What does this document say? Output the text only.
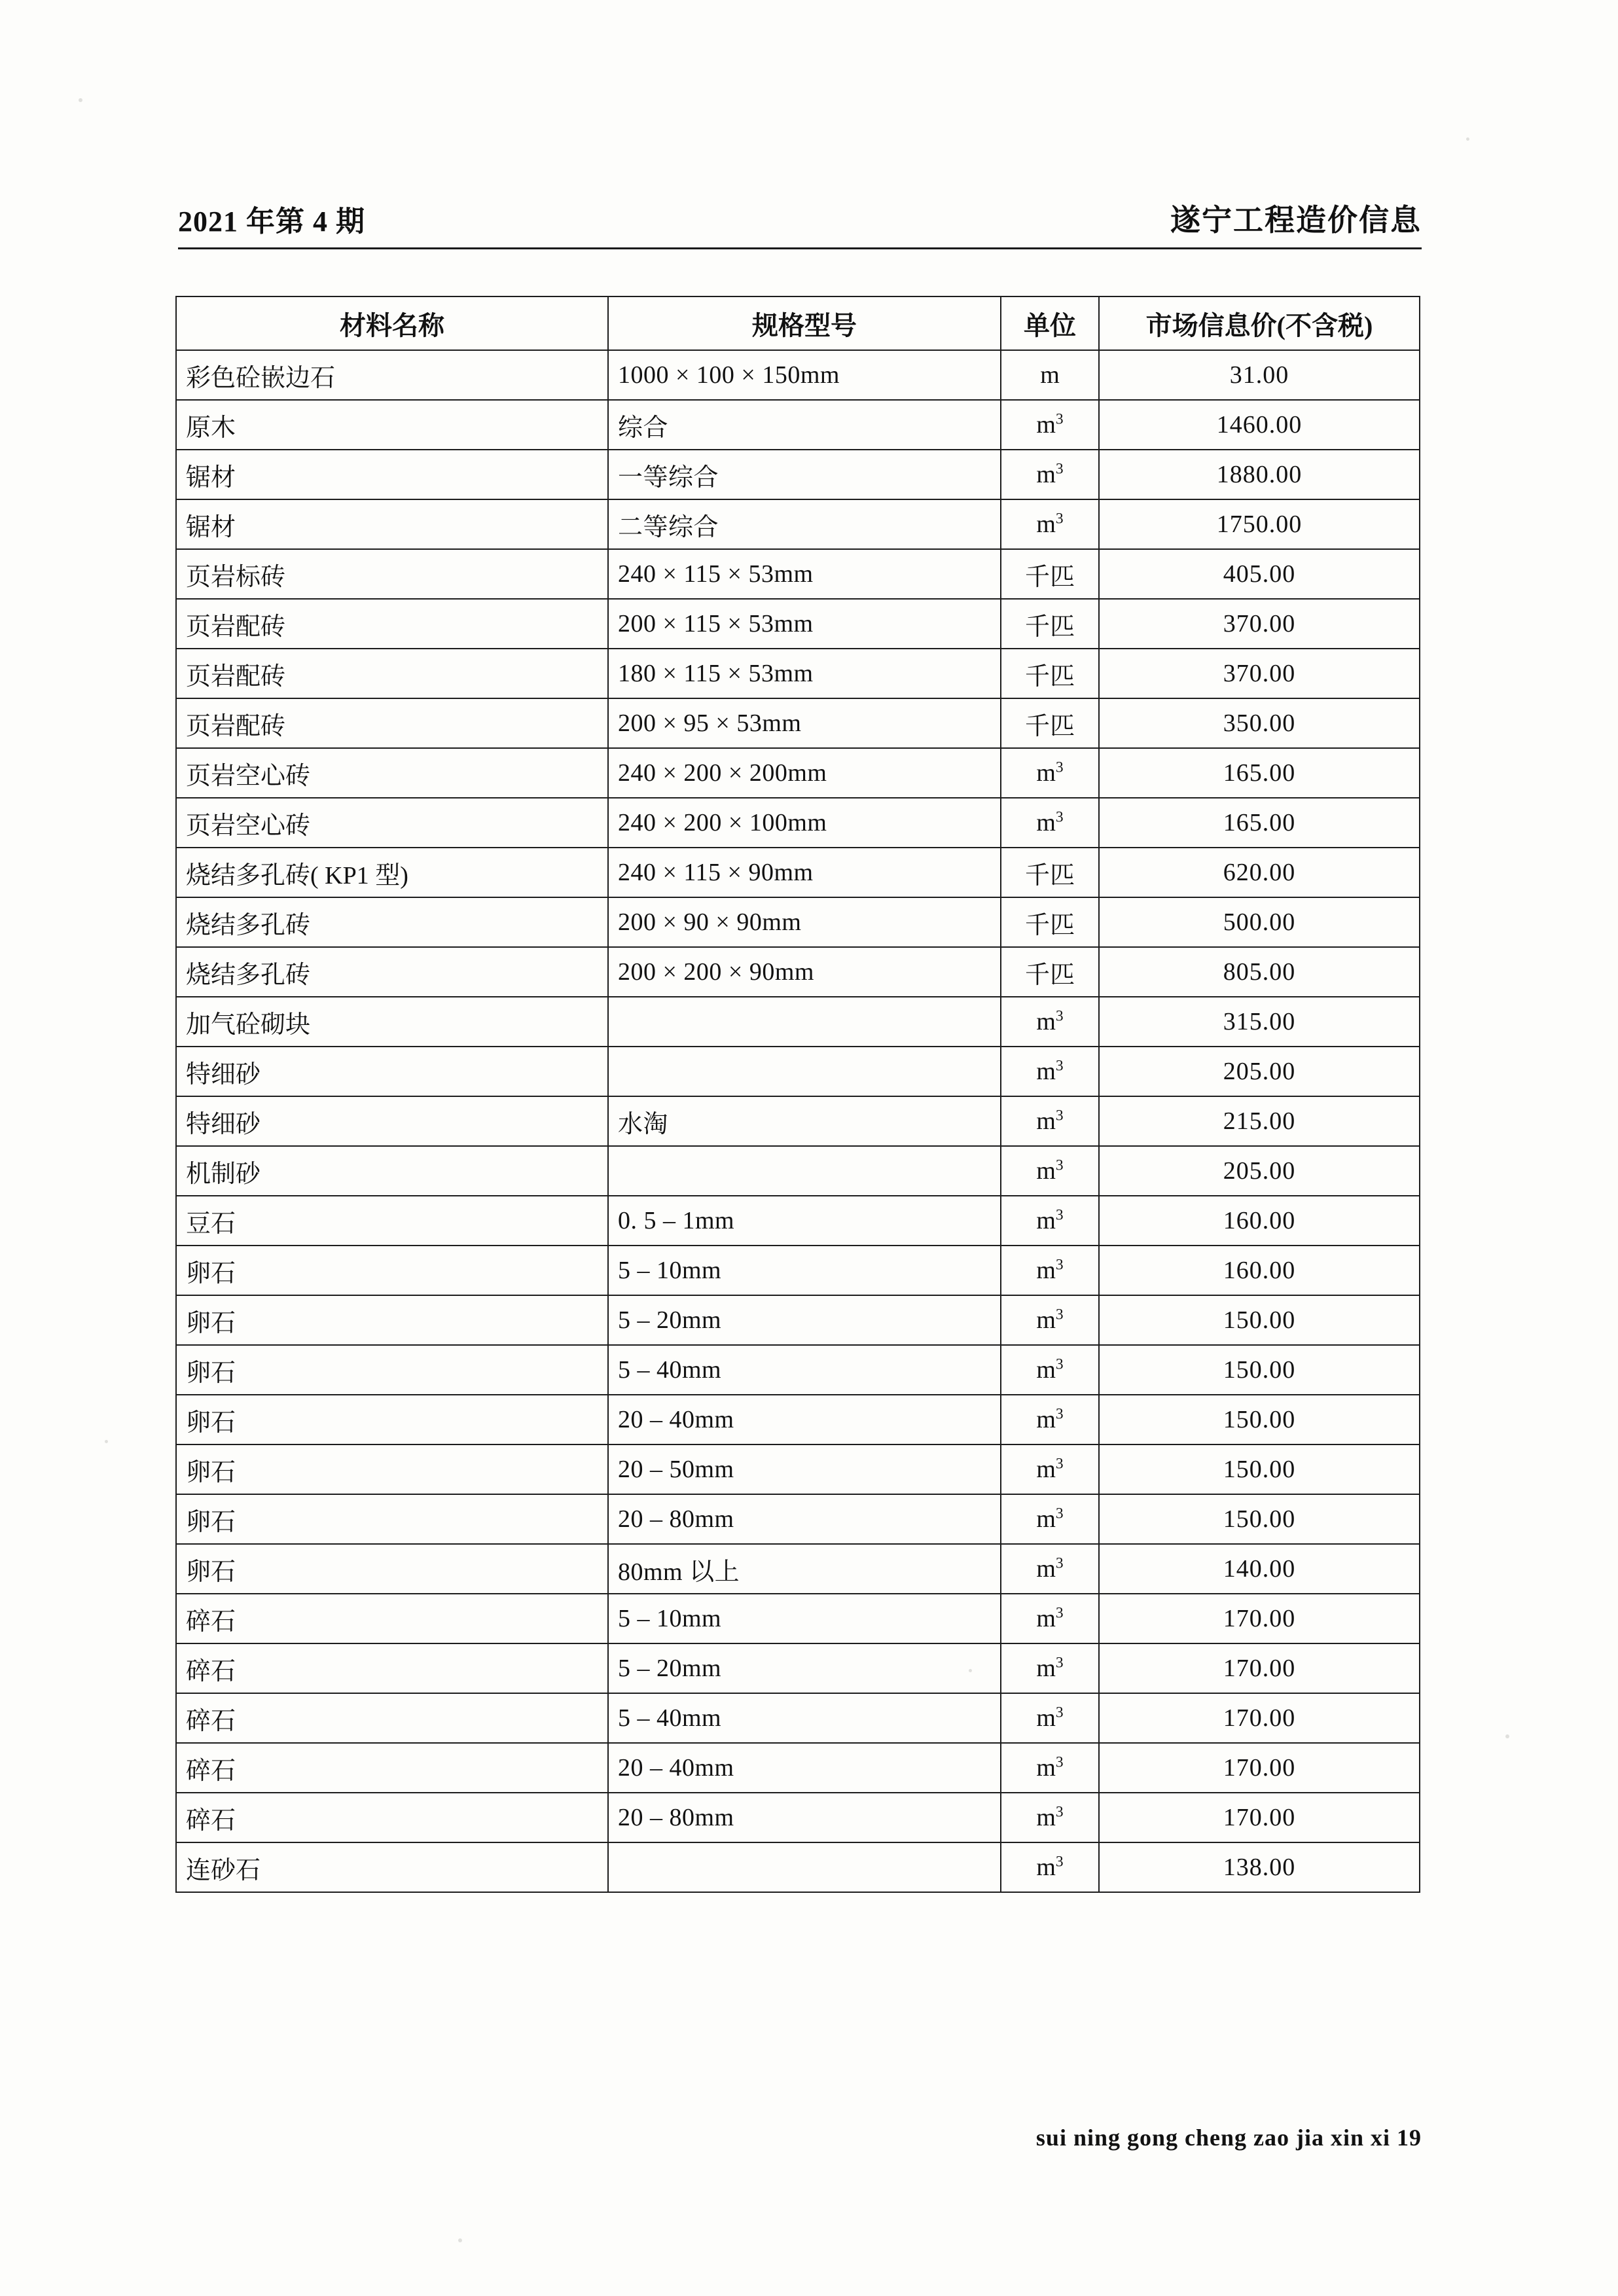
2021 年第 4 期	遂宁工程造价信息
材料名称	规格型号	单位	市场信息价(不含税)
彩色砼嵌边石	1000 × 100 × 150mm	m	31.00
原木	综合	$m^3$	1460.00
锯材	一等综合	$m^3$	1880.00
锯材	二等综合	$m^3$	1750.00
页岩标砖	240 × 115 × 53mm	千匹	405.00
页岩配砖	200 × 115 × 53mm	千匹	370.00
页岩配砖	180 × 115 × 53mm	千匹	370.00
页岩配砖	200 × 95 × 53mm	千匹	350.00
页岩空心砖	240 × 200 × 200mm	$m^3$	165.00
页岩空心砖	240 × 200 × 100mm	$m^3$	165.00
烧结多孔砖( KP1 型)	240 × 115 × 90mm	千匹	620.00
烧结多孔砖	200 × 90 × 90mm	千匹	500.00
烧结多孔砖	200 × 200 × 90mm	千匹	805.00
加气砼砌块		$m^3$	315.00
特细砂		$m^3$	205.00
特细砂	水淘	$m^3$	215.00
机制砂		$m^3$	205.00
豆石	0. 5 – 1mm	$m^3$	160.00
卵石	5 – 10mm	$m^3$	160.00
卵石	5 – 20mm	$m^3$	150.00
卵石	5 – 40mm	$m^3$	150.00
卵石	20 – 40mm	$m^3$	150.00
卵石	20 – 50mm	$m^3$	150.00
卵石	20 – 80mm	$m^3$	150.00
卵石	80mm 以上	$m^3$	140.00
碎石	5 – 10mm	$m^3$	170.00
碎石	5 – 20mm	$m^3$	170.00
碎石	5 – 40mm	$m^3$	170.00
碎石	20 – 40mm	$m^3$	170.00
碎石	20 – 80mm	$m^3$	170.00
连砂石		$m^3$	138.00
sui ning gong cheng zao jia xin xi 19
